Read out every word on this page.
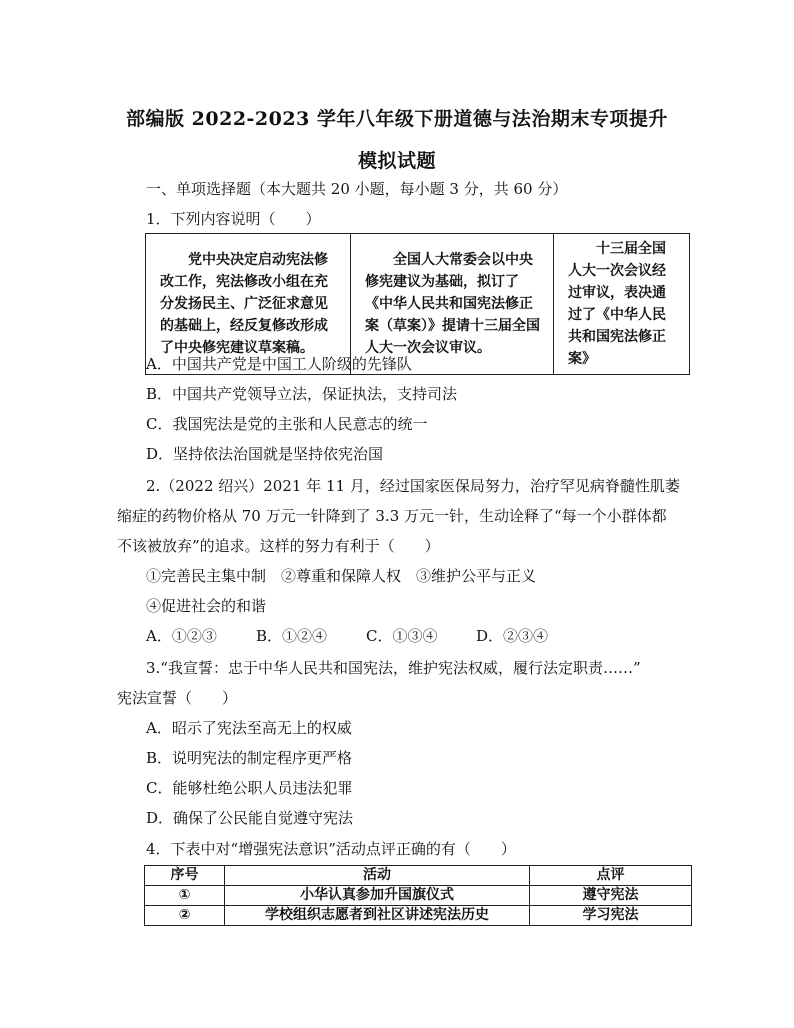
部编版 2022-2023 学年八年级下册道德与法治期末专项提升
模拟试题
一、单项选择题（本大题共 20 小题，每小题 3 分，共 60 分）
1．下列内容说明（　　）
党中央决定启动宪法修改工作，宪法修改小组在充分发扬民主、广泛征求意见的基础上，经反复修改形成了中央修宪建议草案稿。

全国人大常委会以中央修宪建议为基础，拟订了《中华人民共和国宪法修正案（草案）》提请十三届全国人大一次会议审议。

十三届全国人大一次会议经过审议，表决通过了《中华人民共和国宪法修正案》
A．中国共产党是中国工人阶级的先锋队
B．中国共产党领导立法，保证执法，支持司法
C．我国宪法是党的主张和人民意志的统一
D．坚持依法治国就是坚持依宪治国
2.（2022 绍兴）2021 年 11 月，经过国家医保局努力，治疗罕见病脊髓性肌萎
缩症的药物价格从 70 万元一针降到了 3.3 万元一针，生动诠释了“每一个小群体都
不该被放弃”的追求。这样的努力有利于（　　）
①完善民主集中制　②尊重和保障人权　③维护公平与正义
④促进社会的和谐
A．①②③	B．①②④	C．①③④	D．②③④
3.“我宣誓：忠于中华人民共和国宪法，维护宪法权威，履行法定职责……”
宪法宣誓（　　）
A．昭示了宪法至高无上的权威
B．说明宪法的制定程序更严格
C．能够杜绝公职人员违法犯罪
D．确保了公民能自觉遵守宪法
4．下表中对“增强宪法意识”活动点评正确的有（　　）
序号	活动	点评
①	小华认真参加升国旗仪式	遵守宪法
②	学校组织志愿者到社区讲述宪法历史	学习宪法
